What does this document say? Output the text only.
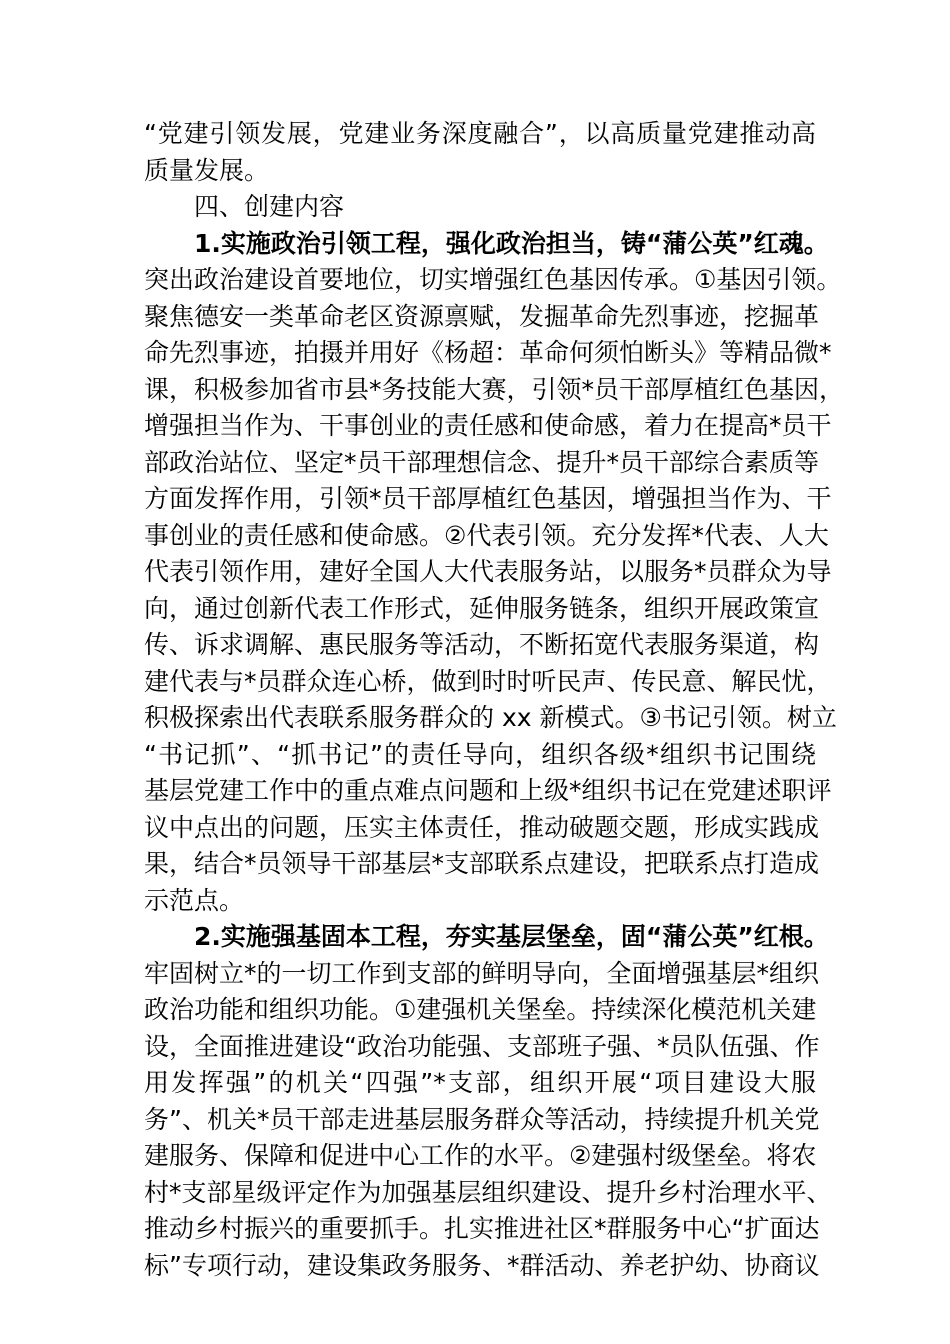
“党建引领发展，党建业务深度融合”，以高质量党建推动高
质量发展。
四、创建内容
1.实施政治引领工程，强化政治担当，铸“蒲公英”红魂。
突出政治建设首要地位，切实增强红色基因传承。①基因引领。
聚焦德安一类革命老区资源禀赋，发掘革命先烈事迹，挖掘革
命先烈事迹，拍摄并用好《杨超：革命何须怕断头》等精品微*
课，积极参加省市县*务技能大赛，引领*员干部厚植红色基因，
增强担当作为、干事创业的责任感和使命感，着力在提高*员干
部政治站位、坚定*员干部理想信念、提升*员干部综合素质等
方面发挥作用，引领*员干部厚植红色基因，增强担当作为、干
事创业的责任感和使命感。②代表引领。充分发挥*代表、人大
代表引领作用，建好全国人大代表服务站，以服务*员群众为导
向，通过创新代表工作形式，延伸服务链条，组织开展政策宣
传、诉求调解、惠民服务等活动，不断拓宽代表服务渠道，构
建代表与*员群众连心桥，做到时时听民声、传民意、解民忧，
积极探索出代表联系服务群众的 xx 新模式。③书记引领。树立
“书记抓”、“抓书记”的责任导向，组织各级*组织书记围绕
基层党建工作中的重点难点问题和上级*组织书记在党建述职评
议中点出的问题，压实主体责任，推动破题交题，形成实践成
果，结合*员领导干部基层*支部联系点建设，把联系点打造成
示范点。
2.实施强基固本工程，夯实基层堡垒，固“蒲公英”红根。
牢固树立*的一切工作到支部的鲜明导向，全面增强基层*组织
政治功能和组织功能。①建强机关堡垒。持续深化模范机关建
设，全面推进建设“政治功能强、支部班子强、*员队伍强、作
用发挥强”的机关“四强”*支部，组织开展“项目建设大服
务”、机关*员干部走进基层服务群众等活动，持续提升机关党
建服务、保障和促进中心工作的水平。②建强村级堡垒。将农
村*支部星级评定作为加强基层组织建设、提升乡村治理水平、
推动乡村振兴的重要抓手。扎实推进社区*群服务中心“扩面达
标”专项行动，建设集政务服务、*群活动、养老护幼、协商议
